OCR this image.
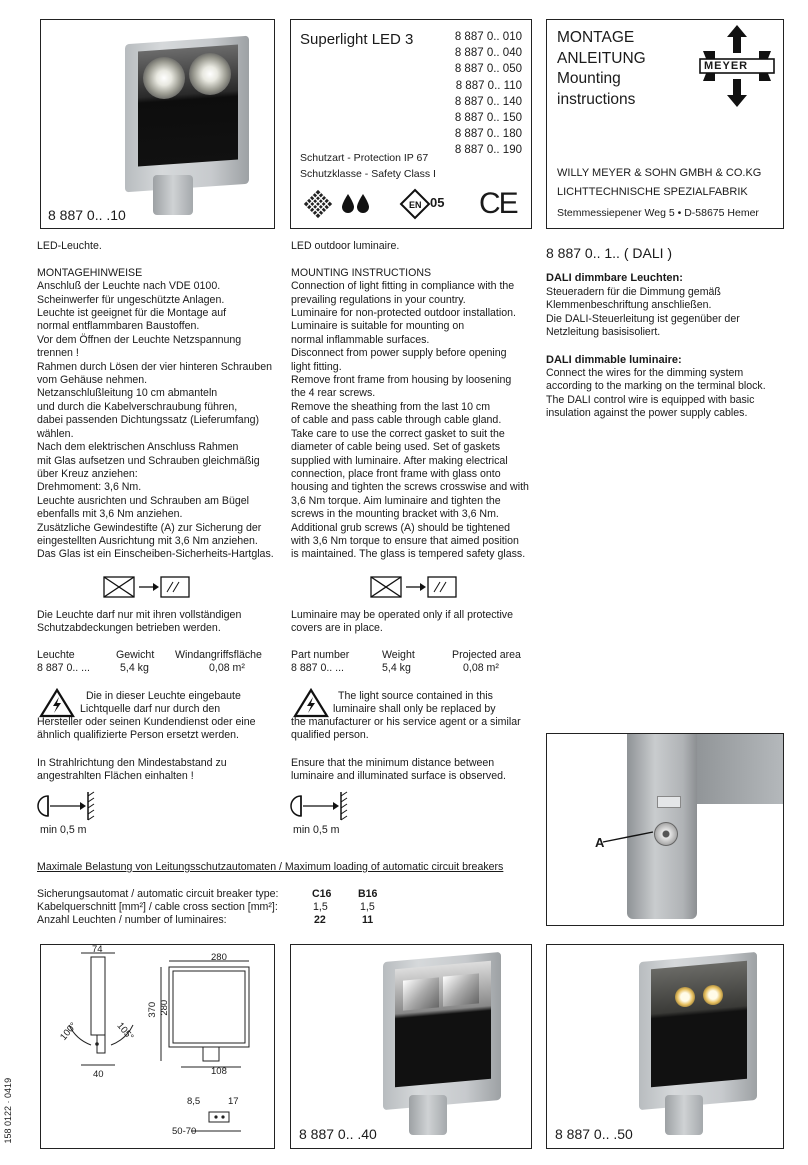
8 887 0.. .10
Superlight LED 3	8 887 0.. 010
8 887 0.. 040
8 887 0.. 050
8 887 0.. 110
8 887 0.. 140
8 887 0.. 150
8 887 0.. 180
8 887 0.. 190
Schutzart - Protection IP 67
Schutzklasse - Safety Class I
EN 05 CE
MONTAGE
ANLEITUNG
Mounting
instructions
MEYER
WILLY MEYER & SOHN GMBH & CO.KG
LICHTTECHNISCHE SPEZIALFABRIK
Stemmessiepener Weg 5 • D-58675 Hemer
LED-Leuchte.

MONTAGEHINWEISE
Anschluß der Leuchte nach VDE 0100.
Scheinwerfer für ungeschützte Anlagen.
Leuchte ist geeignet für die Montage auf
normal entflammbaren Baustoffen.
Vor dem Öffnen der Leuchte Netzspannung
trennen !
Rahmen durch Lösen der vier hinteren Schrauben
vom Gehäuse nehmen.
Netzanschlußleitung 10 cm abmanteln
und durch die Kabelverschraubung führen,
dabei passenden Dichtungssatz (Lieferumfang)
wählen.
Nach dem elektrischen Anschluss Rahmen
mit Glas aufsetzen und Schrauben gleichmäßig
über Kreuz anziehen:
Drehmoment: 3,6 Nm.
Leuchte ausrichten und Schrauben am Bügel
ebenfalls mit 3,6 Nm anziehen.
Zusätzliche Gewindestifte (A) zur Sicherung der
eingestellten Ausrichtung mit 3,6 Nm anziehen.
Das Glas ist ein Einscheiben-Sicherheits-Hartglas.
Die Leuchte darf nur mit ihren vollständigen
Schutzabdeckungen betrieben werden.
Leuchte	Gewicht Windangriffsfläche
8 887 0.. ...	5,4 kg	0,08 m²
Die in dieser Leuchte eingebaute
Lichtquelle darf nur durch den
Hersteller oder seinen Kundendienst oder eine
ähnlich qualifizierte Person ersetzt werden.
In Strahlrichtung den Mindestabstand zu
angestrahlten Flächen einhalten !
min 0,5 m
LED outdoor luminaire.

MOUNTING INSTRUCTIONS
Connection of light fitting in compliance with the
prevailing regulations in your country.
Luminaire for non-protected outdoor installation.
Luminaire is suitable for mounting on
normal inflammable surfaces.
Disconnect from power supply before opening
light fitting.
Remove front frame from housing by loosening
the 4 rear screws.
Remove the sheathing from the last 10 cm
of cable and pass cable through cable gland.
Take care to use the correct gasket to suit the
diameter of cable being used. Set of gaskets
supplied with luminaire. After making electrical
connection, place front frame with glass onto
housing and tighten the screws crosswise and with
3,6 Nm torque. Aim luminaire and tighten the
screws in the mounting bracket with 3,6 Nm.
Additional grub screws (A) should be tightened
with 3,6 Nm torque to ensure that aimed position
is maintained. The glass is tempered safety glass.
Luminaire may be operated only if all protective
covers are in place.
Part number	Weight	Projected area
8 887 0.. ...	5,4 kg	0,08 m²
The light source contained in this
luminaire shall only be replaced by
the manufacturer or his service agent or a similar
qualified person.
Ensure that the minimum distance between
luminaire and illuminated surface is observed.
min 0,5 m
8 887 0.. 1.. ( DALI )
DALI dimmbare Leuchten:
Steueradern für die Dimmung gemäß
Klemmenbeschriftung anschließen.
Die DALI-Steuerleitung ist gegenüber der
Netzleitung basisisoliert.
DALI dimmable luminaire:
Connect the wires for the dimming system
according to the marking on the terminal block.
The DALI control wire is equipped with basic
insulation against the power supply cables.
A
Maximale Belastung von Leitungsschutzautomaten / Maximum loading of automatic circuit breakers
Sicherungsautomat / automatic circuit breaker type:	C16	B16
Kabelquerschnitt [mm²] / cable cross section [mm²]:	1,5	1,5
Anzahl Leuchten / number of luminaires:	22	11
74
100°	105°
40
280
370 280
108
8,5	17
50-70
158 0122 · 0419	8 887 0.. .40	8 887 0.. .50
